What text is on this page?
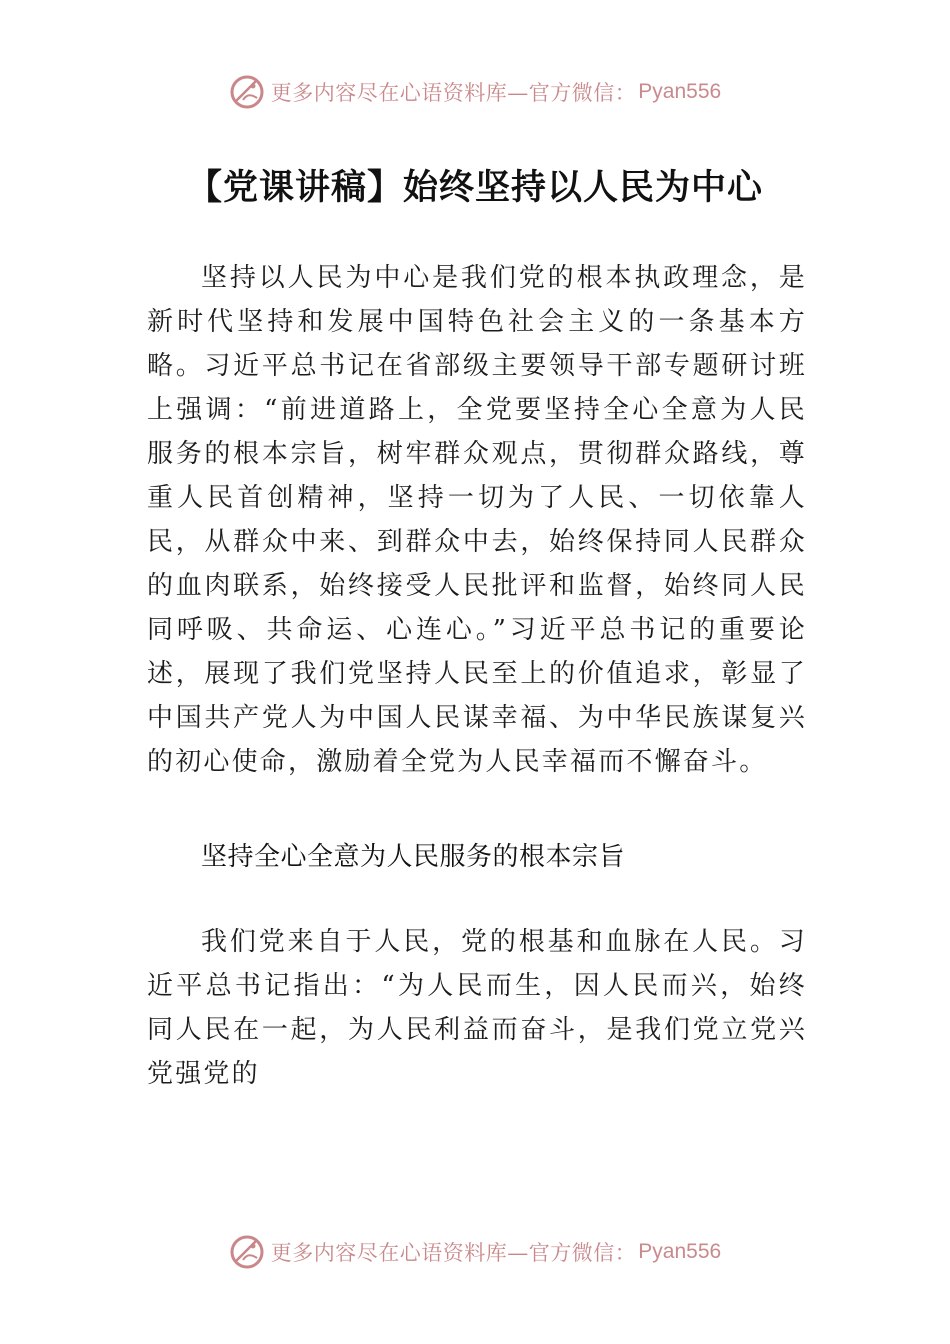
更多内容尽在心语资料库—官方微信： Pyan556
【党课讲稿】始终坚持以人民为中心

坚持以人民为中心是我们党的根本执政理念，是新时代坚持和发展中国特色社会主义的一条基本方略。习近平总书记在省部级主要领导干部专题研讨班上强调：“前进道路上，全党要坚持全心全意为人民服务的根本宗旨，树牢群众观点，贯彻群众路线，尊重人民首创精神，坚持一切为了人民、一切依靠人民，从群众中来、到群众中去，始终保持同人民群众的血肉联系，始终接受人民批评和监督，始终同人民同呼吸、共命运、心连心。”习近平总书记的重要论述，展现了我们党坚持人民至上的价值追求，彰显了中国共产党人为中国人民谋幸福、为中华民族谋复兴的初心使命，激励着全党为人民幸福而不懈奋斗。

坚持全心全意为人民服务的根本宗旨

我们党来自于人民，党的根基和血脉在人民。习近平总书记指出：“为人民而生，因人民而兴，始终同人民在一起，为人民利益而奋斗，是我们党立党兴党强党的

更多内容尽在心语资料库—官方微信： Pyan556
